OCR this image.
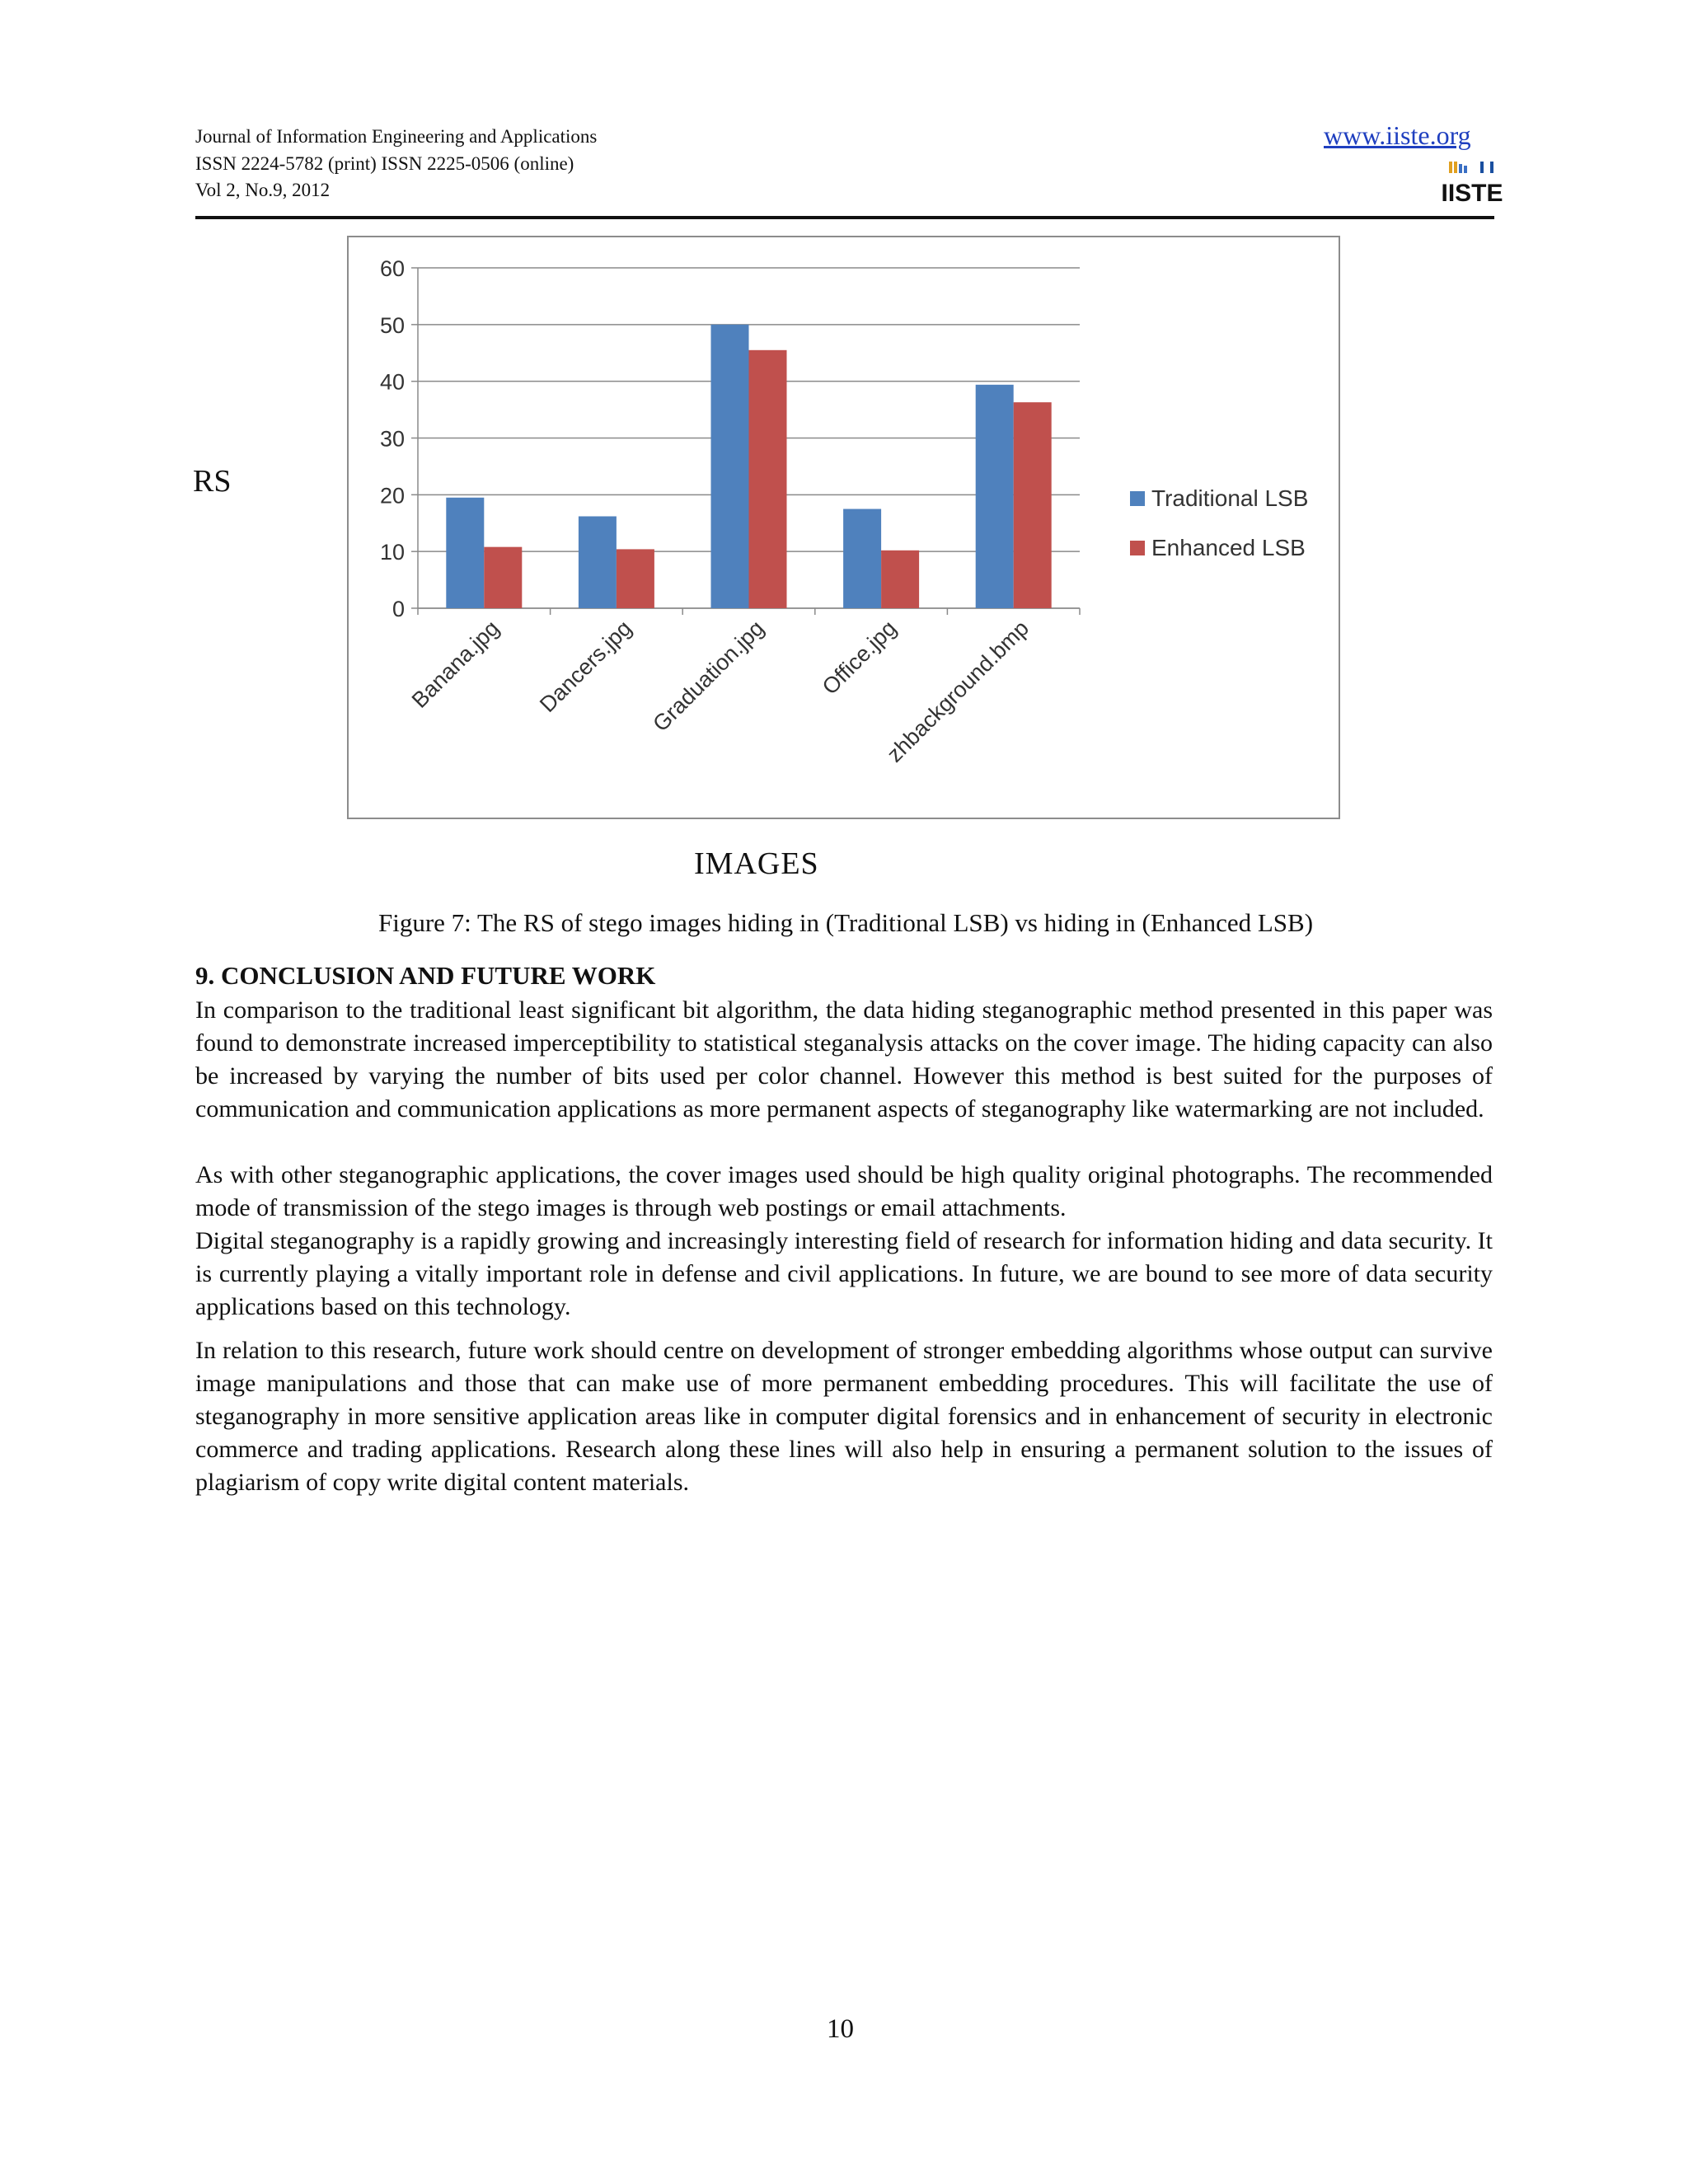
Journal of Information Engineering and Applications
ISSN 2224-5782 (print) ISSN 2225-0506 (online)
Vol 2, No.9, 2012
www.iiste.org
IISTE
0
10
20
30
40
50
60
Banana.jpg Dancers.jpg Graduation.jpg Office.jpg
zhbackground.bmp
Traditional LSB
Enhanced LSB
RS
IMAGES
Figure 7: The RS of stego images hiding in (Traditional LSB) vs hiding in (Enhanced LSB)
9. CONCLUSION AND FUTURE WORK
In comparison to the traditional least significant bit algorithm, the data hiding steganographic method presented in this paper was found to demonstrate increased imperceptibility to statistical steganalysis attacks on the cover image. The hiding capacity can also be increased by varying the number of bits used per color channel. However this method is best suited for the purposes of communication and communication applications as more permanent aspects of steganography like watermarking are not included.
As with other steganographic applications, the cover images used should be high quality original photographs. The recommended mode of transmission of the stego images is through web postings or email attachments.
Digital steganography is a rapidly growing and increasingly interesting field of research for information hiding and data security. It is currently playing a vitally important role in defense and civil applications. In future, we are bound to see more of data security applications based on this technology.
In relation to this research, future work should centre on development of stronger embedding algorithms whose output can survive image manipulations and those that can make use of more permanent embedding procedures. This will facilitate the use of steganography in more sensitive application areas like in computer digital forensics and in enhancement of security in electronic commerce and trading applications. Research along these lines will also help in ensuring a permanent solution to the issues of plagiarism of copy write digital content materials.
10
